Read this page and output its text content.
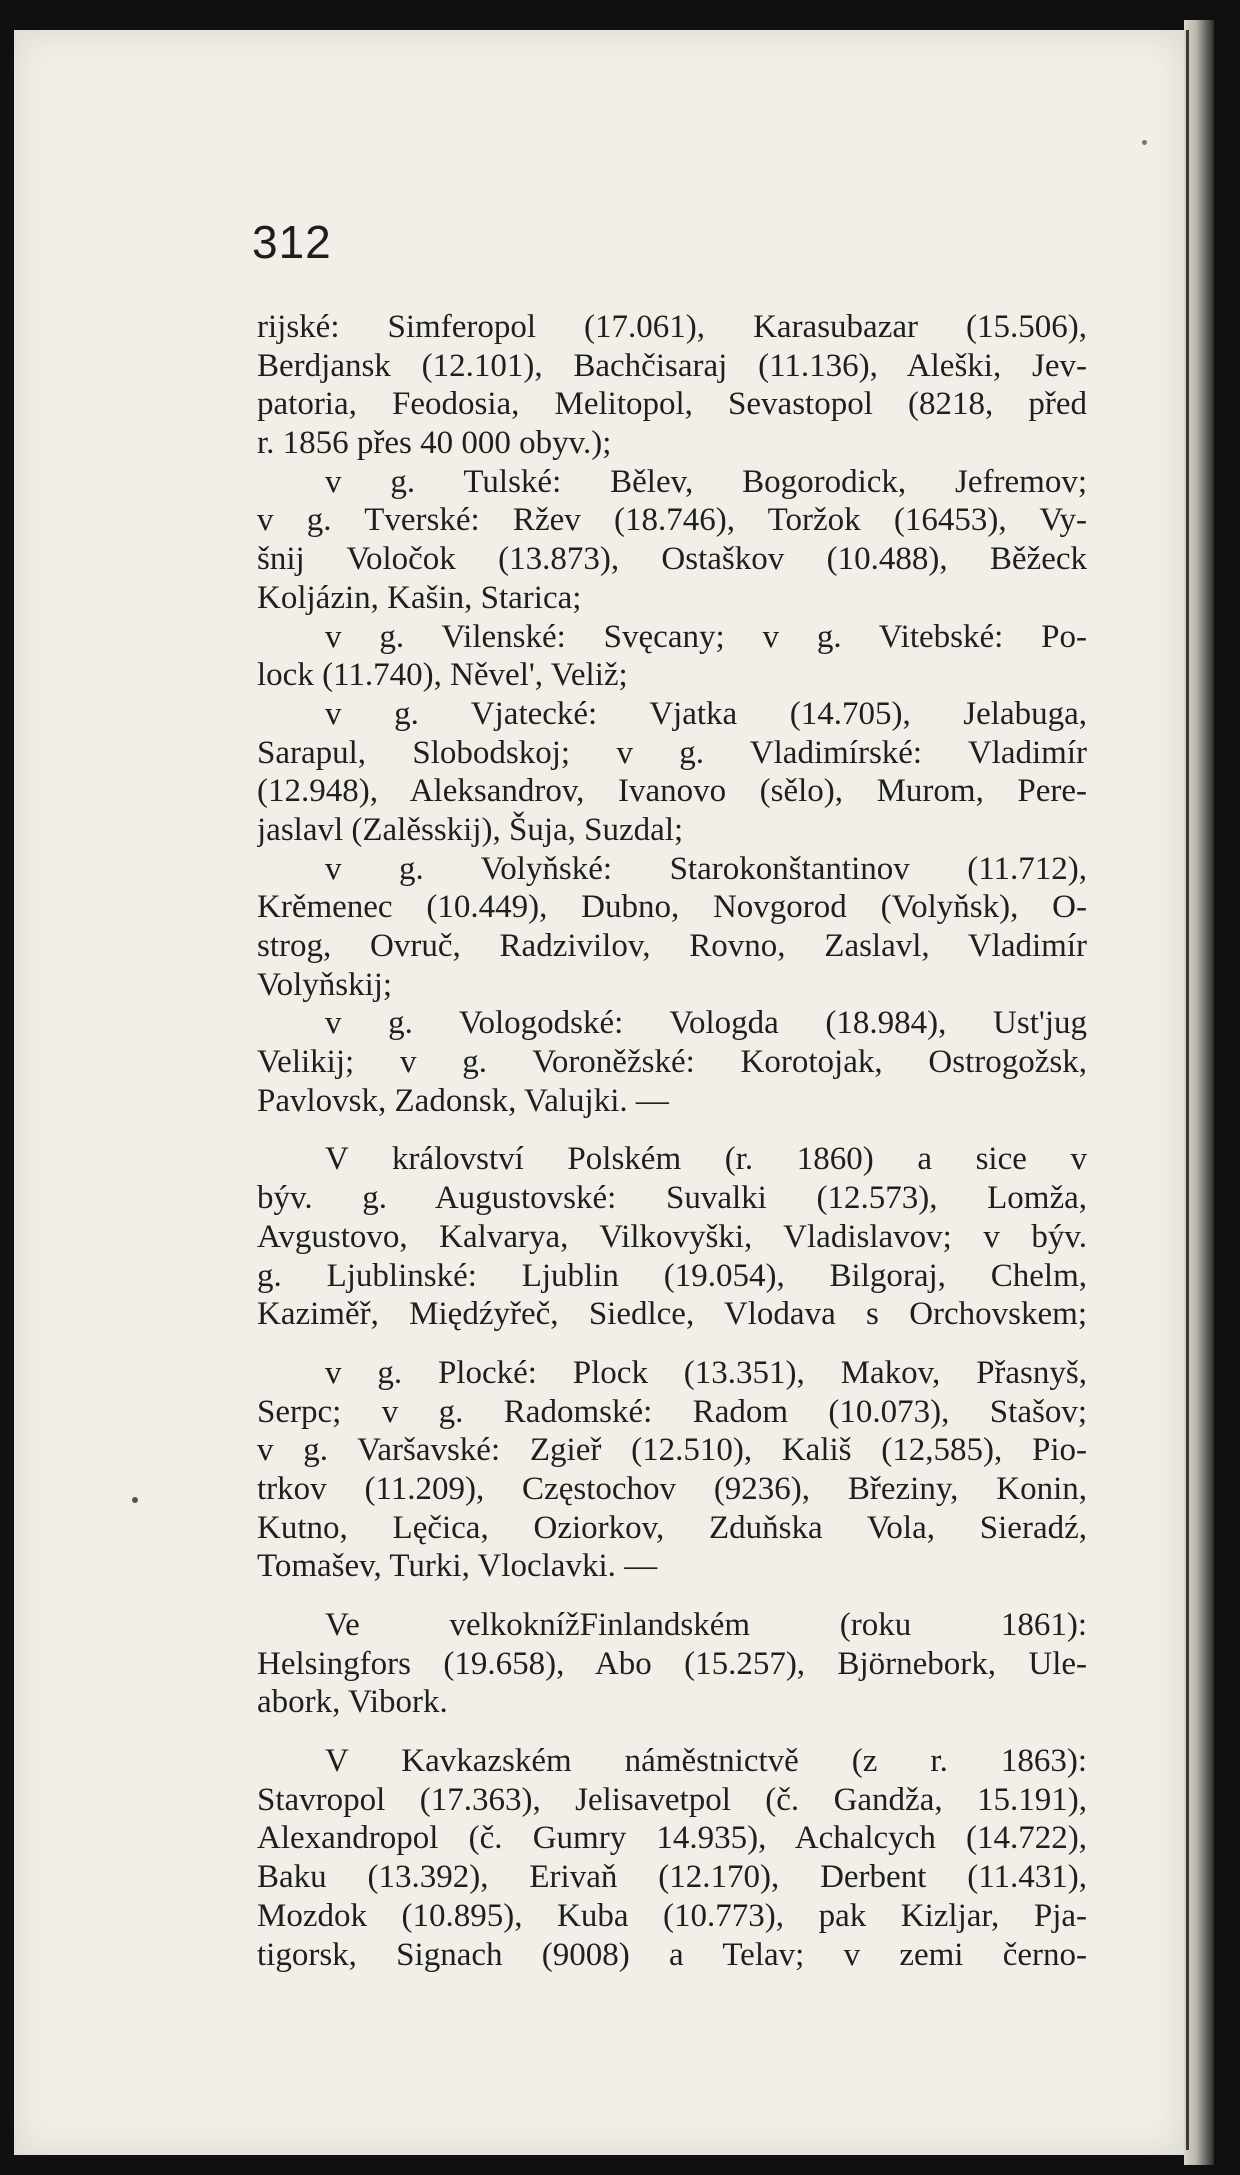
312
rijské: Simferopol (17.061), Karasubazar (15.506),
Berdjansk (12.101), Bachčisaraj (11.136), Aleški, Jev-
patoria, Feodosia, Melitopol, Sevastopol (8218, před
r. 1856 přes 40 000 obyv.);
v g. Tulské: Bělev, Bogorodick, Jefremov;
v g. Tverské: Ržev (18.746), Toržok (16453), Vy-
šnij Voločok (13.873), Ostaškov (10.488), Běžeck
Koljázin, Kašin, Starica;
v g. Vilenské: Svęcany; v g. Vitebské: Po-
lock (11.740), Něvel', Veliž;
v g. Vjatecké: Vjatka (14.705), Jelabuga,
Sarapul, Slobodskoj; v g. Vladimírské: Vladimír
(12.948), Aleksandrov, Ivanovo (sělo), Murom, Pere-
jaslavl (Zalěsskij), Šuja, Suzdal;
v g. Volyňské: Starokonštantinov (11.712),
Krěmenec (10.449), Dubno, Novgorod (Volyňsk), O-
strog, Ovruč, Radzivilov, Rovno, Zaslavl, Vladimír
Volyňskij;
v g. Vologodské: Vologda (18.984), Ust'jug
Velikij; v g. Voroněžské: Korotojak, Ostrogožsk,
Pavlovsk, Zadonsk, Valujki. —
V království Polském (r. 1860) a sice v
býv. g. Augustovské: Suvalki (12.573), Lomža,
Avgustovo, Kalvarya, Vilkovyški, Vladislavov; v býv.
g. Ljublinské: Ljublin (19.054), Bilgoraj, Chelm,
Kaziměř, Międźyřeč, Siedlce, Vlodava s Orchovskem;
v g. Plocké: Plock (13.351), Makov, Přasnyš,
Serpc; v g. Radomské: Radom (10.073), Stašov;
v g. Varšavské: Zgieř (12.510), Kališ (12,585), Pio-
trkov (11.209), Częstochov (9236), Březiny, Konin,
Kutno, Lęčica, Oziorkov, Zduňska Vola, Sieradź,
Tomašev, Turki, Vloclavki. —
Ve velkoknížFinlandském (roku 1861):
Helsingfors (19.658), Abo (15.257), Björnebork, Ule-
abork, Vibork.
V Kavkazském náměstnictvě (z r. 1863):
Stavropol (17.363), Jelisavetpol (č. Gandža, 15.191),
Alexandropol (č. Gumry 14.935), Achalcych (14.722),
Baku (13.392), Erivaň (12.170), Derbent (11.431),
Mozdok (10.895), Kuba (10.773), pak Kizljar, Pja-
tigorsk, Signach (9008) a Telav; v zemi černo-
